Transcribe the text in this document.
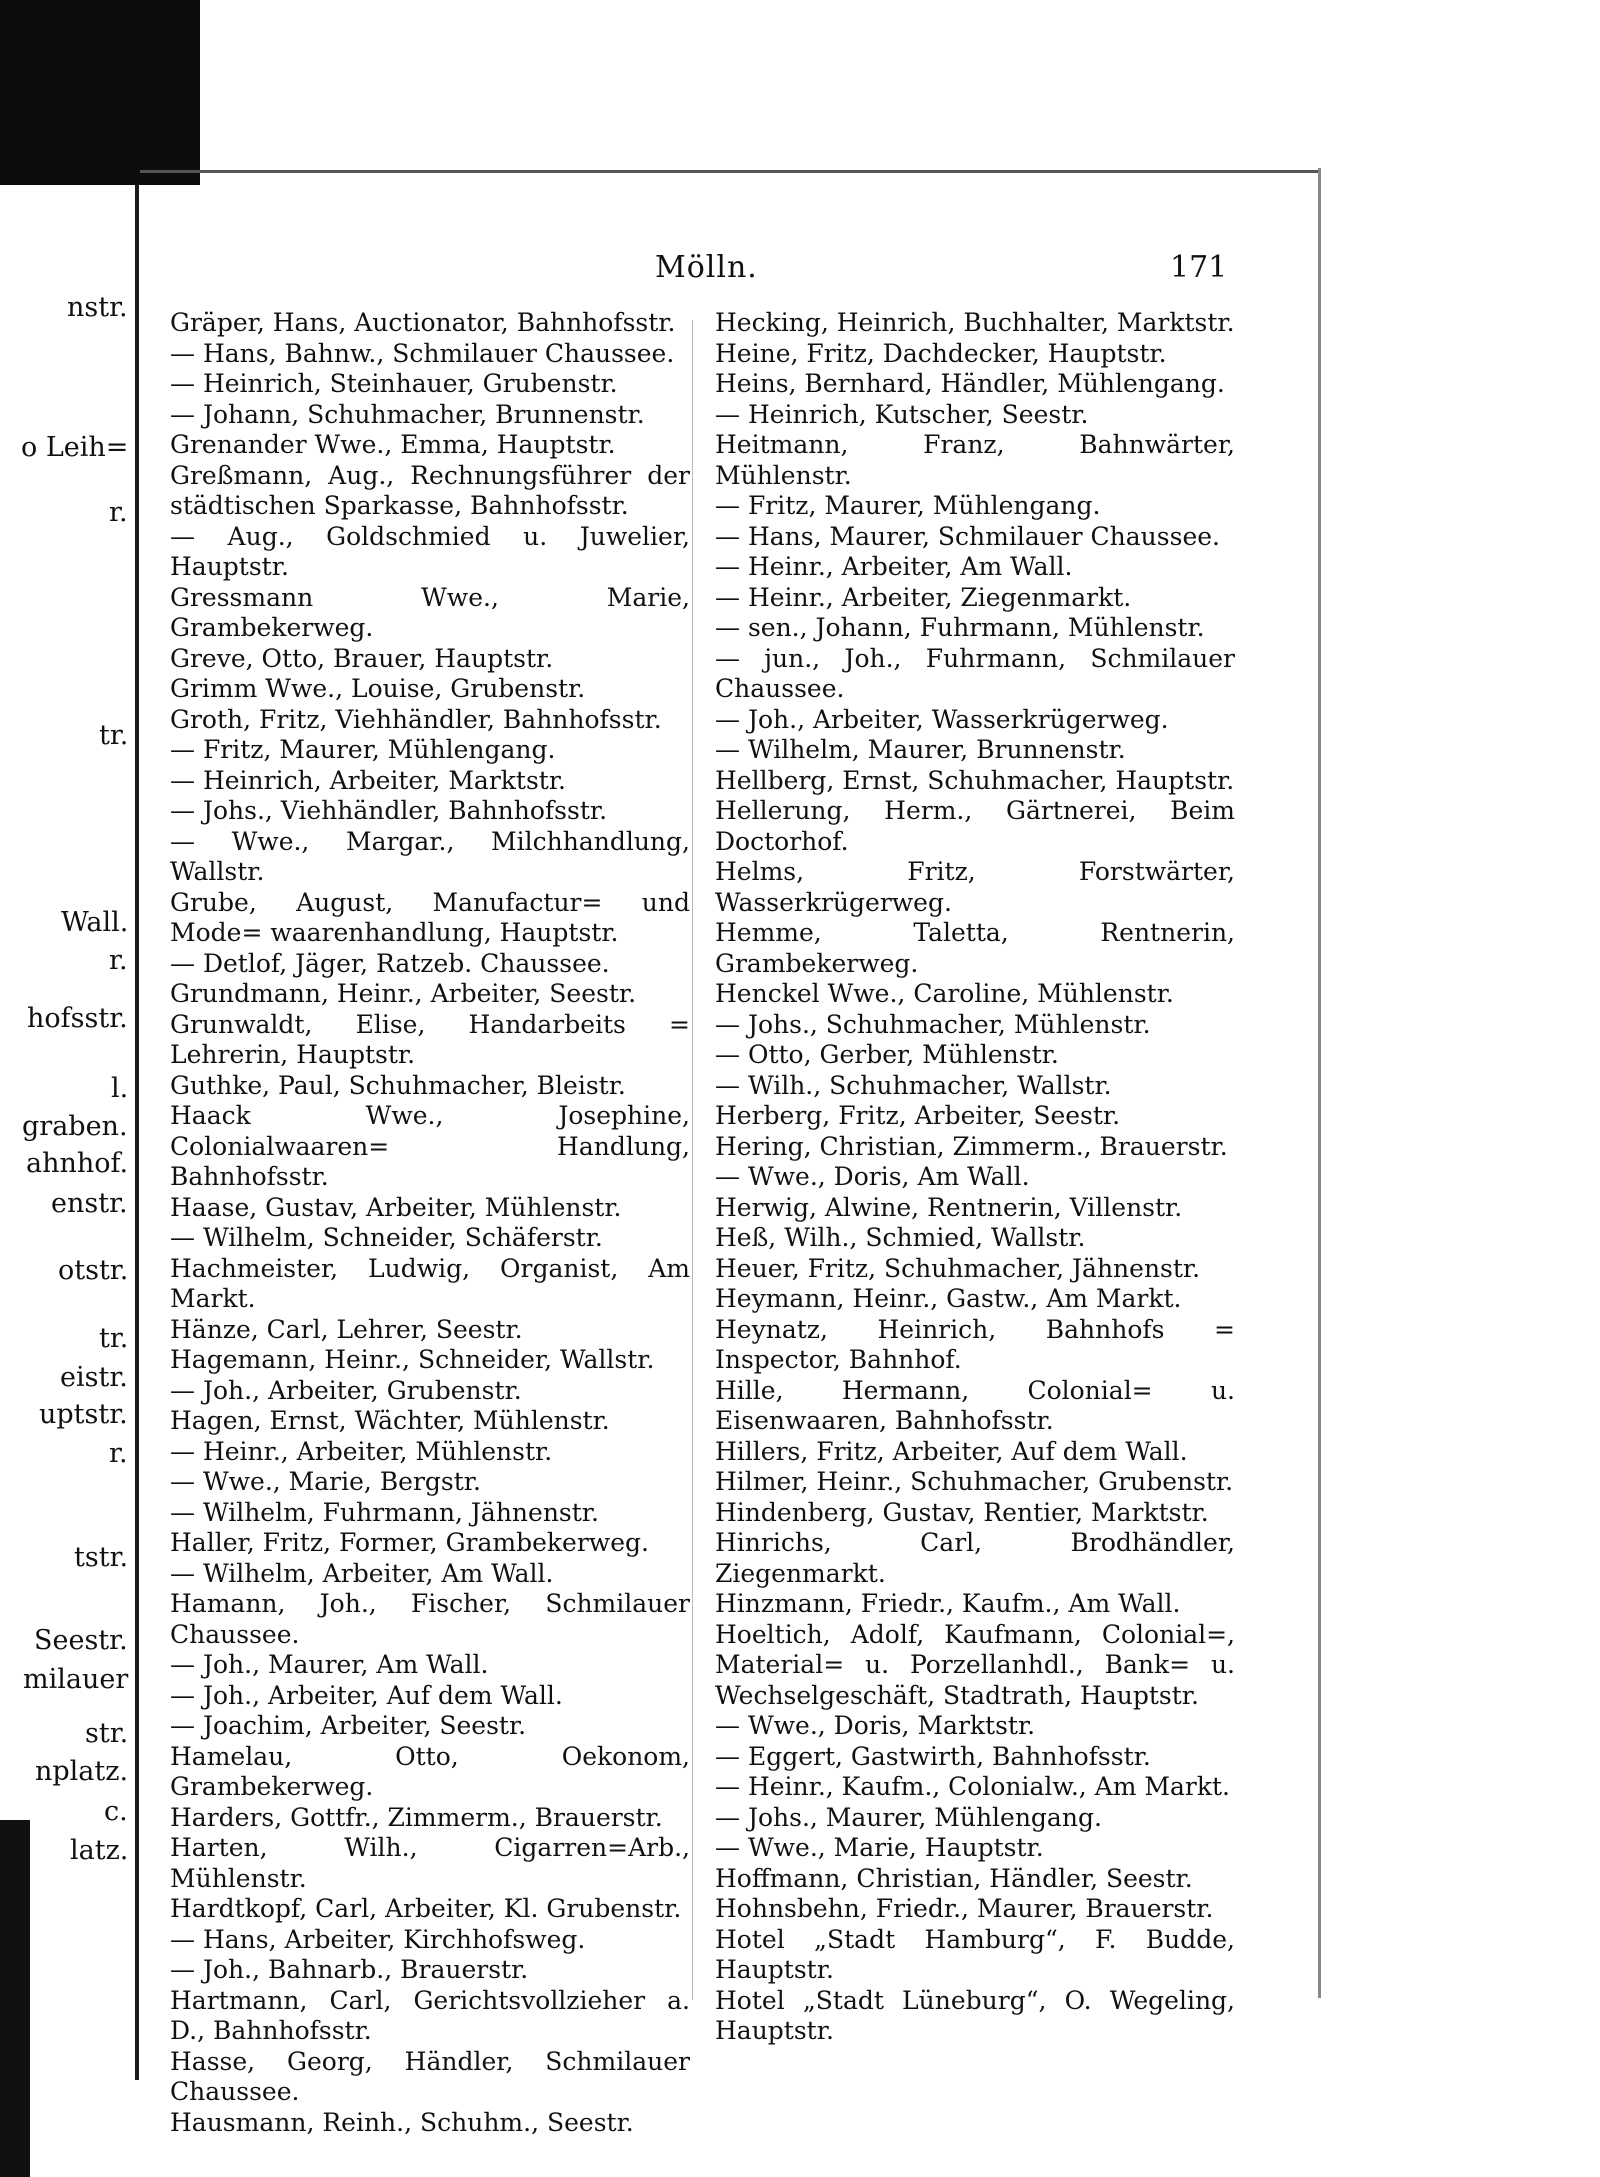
nstr.
o Leih=
r.
tr.
Wall.
r.
hofsstr.
l.
graben.
ahnhof.
enstr.
otstr.
tr.
eistr.
uptstr.
r.
tstr.
Seestr.
milauer
str.
nplatz.
c.
latz.
Mölln.	171

Gräper, Hans, Auctionator, Bahnhofsstr.

— Hans, Bahnw., Schmilauer Chaussee.

— Heinrich, Steinhauer, Grubenstr.

— Johann, Schuhmacher, Brunnenstr.

Grenander Wwe., Emma, Hauptstr.

Greßmann, Aug., Rechnungsführer der städtischen Sparkasse, Bahnhofsstr.

— Aug., Goldschmied u. Juwelier, Hauptstr.

Gressmann Wwe., Marie, Grambekerweg.

Greve, Otto, Brauer, Hauptstr.

Grimm Wwe., Louise, Grubenstr.

Groth, Fritz, Viehhändler, Bahnhofsstr.

— Fritz, Maurer, Mühlengang.

— Heinrich, Arbeiter, Marktstr.

— Johs., Viehhändler, Bahnhofsstr.

— Wwe., Margar., Milchhandlung, Wallstr.

Grube, August, Manufactur= und Mode= waarenhandlung, Hauptstr.

— Detlof, Jäger, Ratzeb. Chaussee.

Grundmann, Heinr., Arbeiter, Seestr.

Grunwaldt, Elise, Handarbeits = Lehrerin, Hauptstr.

Guthke, Paul, Schuhmacher, Bleistr.

Haack Wwe., Josephine, Colonialwaaren= Handlung, Bahnhofsstr.

Haase, Gustav, Arbeiter, Mühlenstr.

— Wilhelm, Schneider, Schäferstr.

Hachmeister, Ludwig, Organist, Am Markt.

Hänze, Carl, Lehrer, Seestr.

Hagemann, Heinr., Schneider, Wallstr.

— Joh., Arbeiter, Grubenstr.

Hagen, Ernst, Wächter, Mühlenstr.

— Heinr., Arbeiter, Mühlenstr.

— Wwe., Marie, Bergstr.

— Wilhelm, Fuhrmann, Jähnenstr.

Haller, Fritz, Former, Grambekerweg.

— Wilhelm, Arbeiter, Am Wall.

Hamann, Joh., Fischer, Schmilauer Chaussee.

— Joh., Maurer, Am Wall.

— Joh., Arbeiter, Auf dem Wall.

— Joachim, Arbeiter, Seestr.

Hamelau, Otto, Oekonom, Grambekerweg.

Harders, Gottfr., Zimmerm., Brauerstr.

Harten, Wilh., Cigarren=Arb., Mühlenstr.

Hardtkopf, Carl, Arbeiter, Kl. Grubenstr.

— Hans, Arbeiter, Kirchhofsweg.

— Joh., Bahnarb., Brauerstr.

Hartmann, Carl, Gerichtsvollzieher a. D., Bahnhofsstr.

Hasse, Georg, Händler, Schmilauer Chaussee.

Hausmann, Reinh., Schuhm., Seestr.

Hecking, Heinrich, Buchhalter, Marktstr.

Heine, Fritz, Dachdecker, Hauptstr.

Heins, Bernhard, Händler, Mühlengang.

— Heinrich, Kutscher, Seestr.

Heitmann, Franz, Bahnwärter, Mühlenstr.

— Fritz, Maurer, Mühlengang.

— Hans, Maurer, Schmilauer Chaussee.

— Heinr., Arbeiter, Am Wall.

— Heinr., Arbeiter, Ziegenmarkt.

— sen., Johann, Fuhrmann, Mühlenstr.

— jun., Joh., Fuhrmann, Schmilauer Chaussee.

— Joh., Arbeiter, Wasserkrügerweg.

— Wilhelm, Maurer, Brunnenstr.

Hellberg, Ernst, Schuhmacher, Hauptstr.

Hellerung, Herm., Gärtnerei, Beim Doctorhof.

Helms, Fritz, Forstwärter, Wasserkrügerweg.

Hemme, Taletta, Rentnerin, Grambekerweg.

Henckel Wwe., Caroline, Mühlenstr.

— Johs., Schuhmacher, Mühlenstr.

— Otto, Gerber, Mühlenstr.

— Wilh., Schuhmacher, Wallstr.

Herberg, Fritz, Arbeiter, Seestr.

Hering, Christian, Zimmerm., Brauerstr.

— Wwe., Doris, Am Wall.

Herwig, Alwine, Rentnerin, Villenstr.

Heß, Wilh., Schmied, Wallstr.

Heuer, Fritz, Schuhmacher, Jähnenstr.

Heymann, Heinr., Gastw., Am Markt.

Heynatz, Heinrich, Bahnhofs = Inspector, Bahnhof.

Hille, Hermann, Colonial= u. Eisenwaaren, Bahnhofsstr.

Hillers, Fritz, Arbeiter, Auf dem Wall.

Hilmer, Heinr., Schuhmacher, Grubenstr.

Hindenberg, Gustav, Rentier, Marktstr.

Hinrichs, Carl, Brodhändler, Ziegenmarkt.

Hinzmann, Friedr., Kaufm., Am Wall.

Hoeltich, Adolf, Kaufmann, Colonial=, Material= u. Porzellanhdl., Bank= u. Wechselgeschäft, Stadtrath, Hauptstr.

— Wwe., Doris, Marktstr.

— Eggert, Gastwirth, Bahnhofsstr.

— Heinr., Kaufm., Colonialw., Am Markt.

— Johs., Maurer, Mühlengang.

— Wwe., Marie, Hauptstr.

Hoffmann, Christian, Händler, Seestr.

Hohnsbehn, Friedr., Maurer, Brauerstr.

Hotel „Stadt Hamburg“, F. Budde, Hauptstr.

Hotel „Stadt Lüneburg“, O. Wegeling, Hauptstr.
